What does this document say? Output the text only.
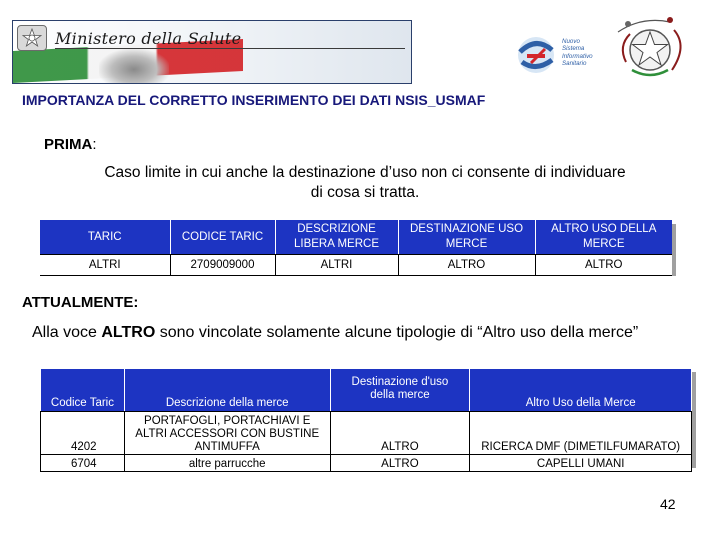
Ministero della Salute	Nuovo
Sistema
Informativo
Sanitario
IMPORTANZA DEL CORRETTO INSERIMENTO DEI DATI NSIS_USMAF
PRIMA:
Caso limite in cui anche la destinazione d’uso non ci consente di individuare di cosa si tratta.
TARIC	CODICE TARIC	DESCRIZIONE LIBERA MERCE	DESTINAZIONE USO MERCE	ALTRO USO DELLA MERCE
ALTRI	2709009000	ALTRI	ALTRO	ALTRO
ATTUALMENTE:
Alla voce ALTRO sono vincolate solamente alcune tipologie di “Altro uso della merce”
Codice Taric	Descrizione della merce	Destinazione d'uso della merce	Altro Uso della Merce
4202	PORTAFOGLI, PORTACHIAVI E ALTRI ACCESSORI CON BUSTINE ANTIMUFFA	ALTRO	RICERCA DMF (DIMETILFUMARATO)
6704	altre parrucche	ALTRO	CAPELLI UMANI
42
